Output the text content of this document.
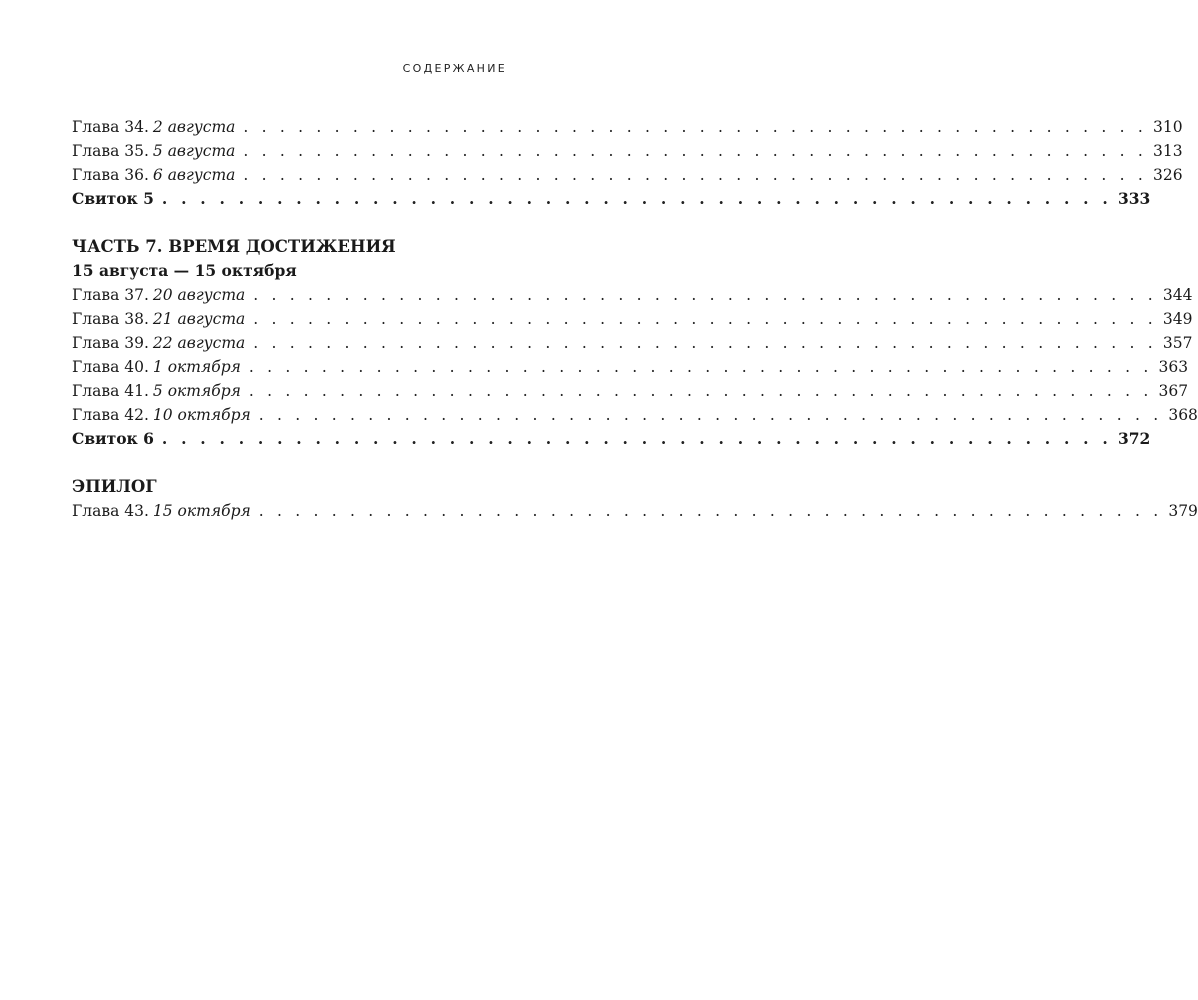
СОДЕРЖАНИЕ
Глава 34. 2 августа . . . . . . . . . . . . . . . . . . . . . . . . . . . . . . . . . . . . . . . . . . . . . . . . . . 310
Глава 35. 5 августа . . . . . . . . . . . . . . . . . . . . . . . . . . . . . . . . . . . . . . . . . . . . . . . . . . 313
Глава 36. 6 августа . . . . . . . . . . . . . . . . . . . . . . . . . . . . . . . . . . . . . . . . . . . . . . . . . . 326
Свиток 5 . . . . . . . . . . . . . . . . . . . . . . . . . . . . . . . . . . . . . . . . . . . . . . . . . . 333
ЧАСТЬ 7. ВРЕМЯ ДОСТИЖЕНИЯ
15 августа — 15 октября
Глава 37. 20 августа . . . . . . . . . . . . . . . . . . . . . . . . . . . . . . . . . . . . . . . . . . . . . . . . . . 344
Глава 38. 21 августа . . . . . . . . . . . . . . . . . . . . . . . . . . . . . . . . . . . . . . . . . . . . . . . . . . 349
Глава 39. 22 августа . . . . . . . . . . . . . . . . . . . . . . . . . . . . . . . . . . . . . . . . . . . . . . . . . . 357
Глава 40. 1 октября . . . . . . . . . . . . . . . . . . . . . . . . . . . . . . . . . . . . . . . . . . . . . . . . . . 363
Глава 41. 5 октября . . . . . . . . . . . . . . . . . . . . . . . . . . . . . . . . . . . . . . . . . . . . . . . . . . 367
Глава 42. 10 октября . . . . . . . . . . . . . . . . . . . . . . . . . . . . . . . . . . . . . . . . . . . . . . . . . . 368
Свиток 6 . . . . . . . . . . . . . . . . . . . . . . . . . . . . . . . . . . . . . . . . . . . . . . . . . . 372
ЭПИЛОГ
Глава 43. 15 октября . . . . . . . . . . . . . . . . . . . . . . . . . . . . . . . . . . . . . . . . . . . . . . . . . . 379
